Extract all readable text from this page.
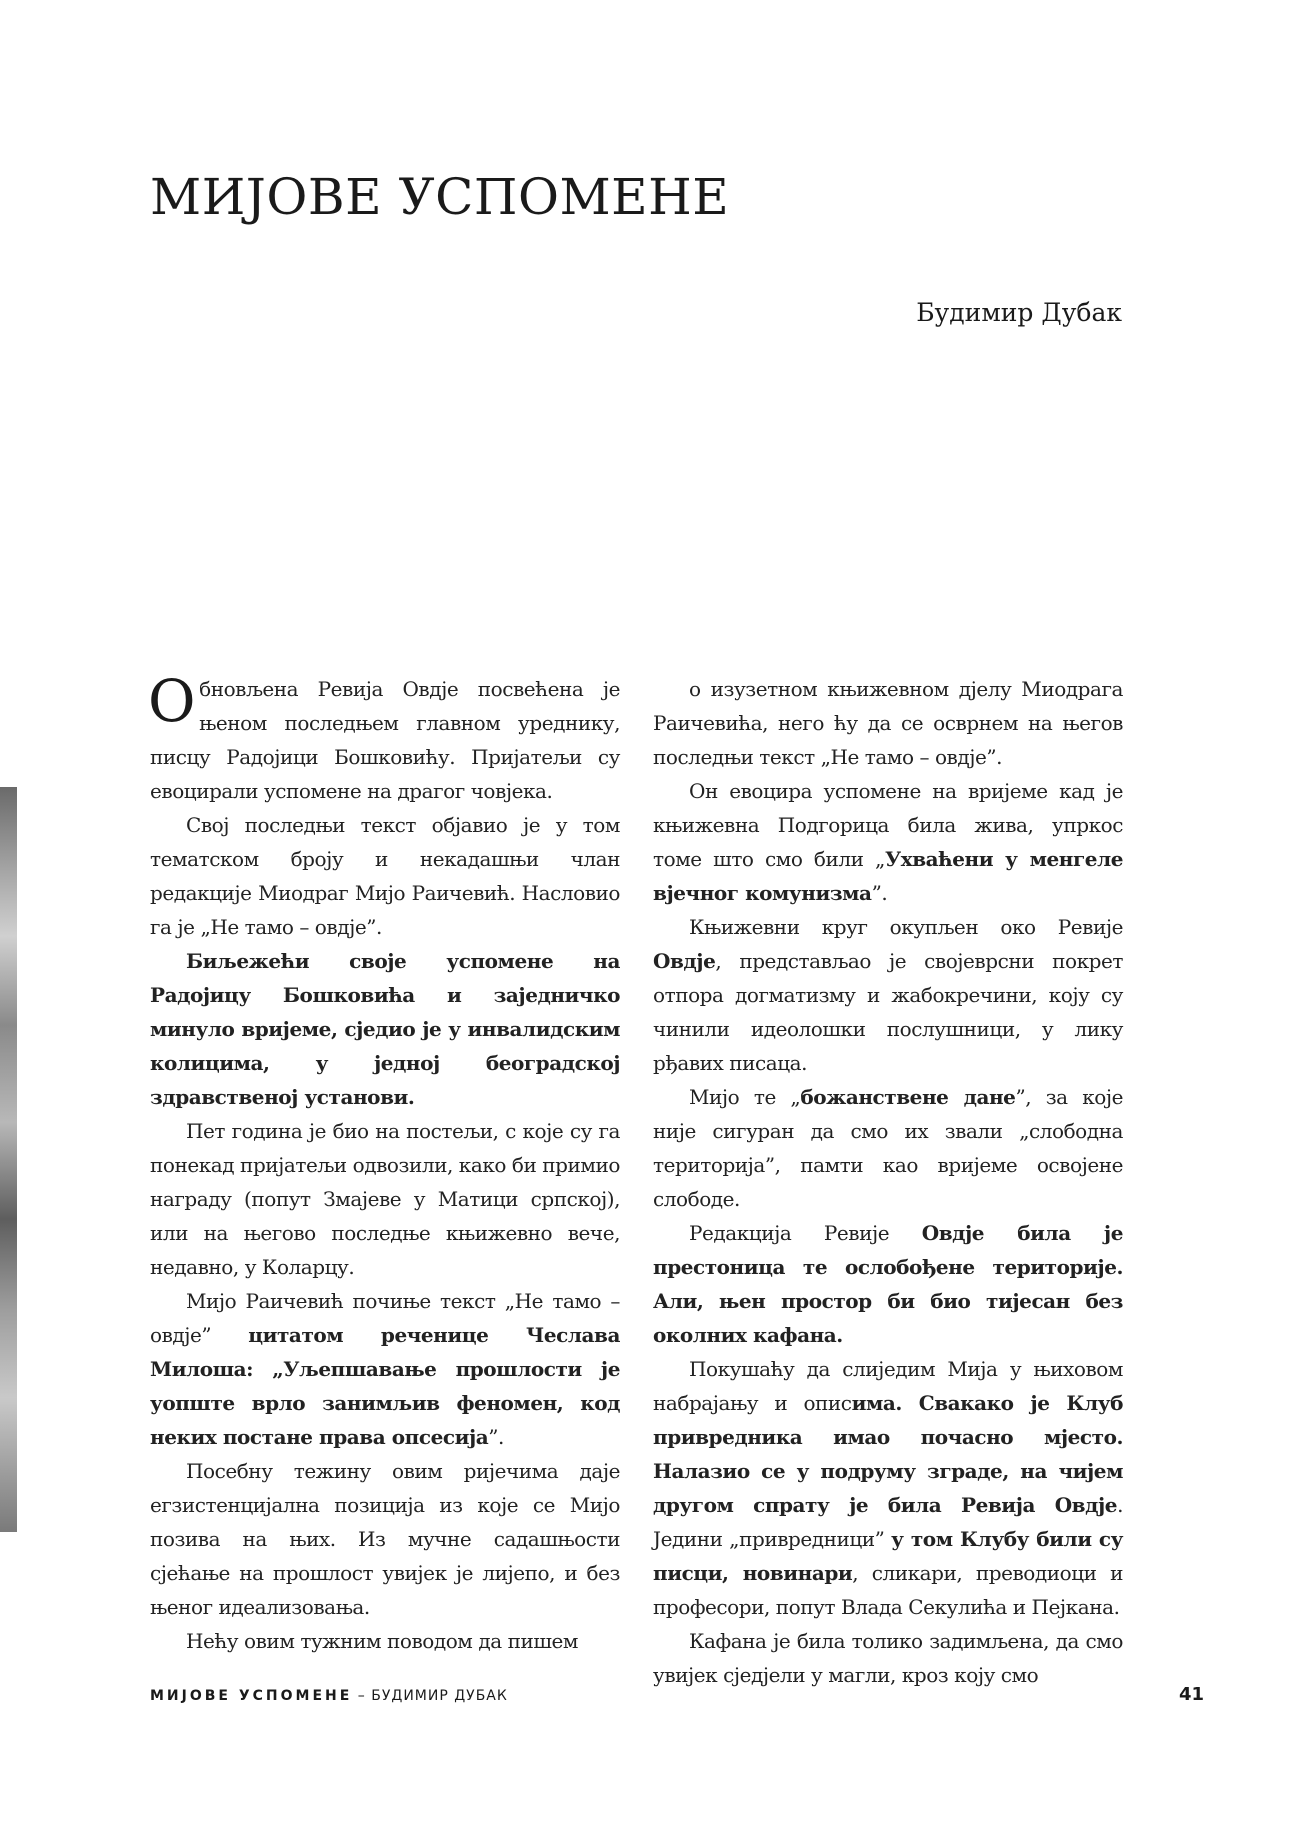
МИЈОВЕ УСПОМЕНЕ
Будимир Дубак

Обновљена Ревија Овдје посвећена је њеном последњем главном уреднику, писцу Радојици Бошковићу. Пријатељи су евоцирали успомене на драгог човјека.

Свој последњи текст објавио је у том тематском броју и некадашњи члан редакције Миодраг Мијо Раичевић. Насловио га је „Не тамо – овдје”.

Биљежећи своје успомене на Радојицу Бошковића и заједничко минуло вријеме, сједио је у инвалидским колицима, у једној београдској здравственој установи.

Пет година је био на постељи, с које су га понекад пријатељи одвозили, како би примио награду (попут Змајеве у Матици српској), или на његово последње књижевно вече, недавно, у Коларцу.

Мијо Раичевић почиње текст „Не тамо – овдје” цитатом реченице Чеслава Милоша: „Уљепшавање прошлости је уопште врло занимљив феномен, код неких постане права опсесија”.

Посебну тежину овим ријечима даје егзистенцијална позиција из које се Мијо позива на њих. Из мучне садашњости сјећање на прошлост увијек је лијепо, и без њеног идеализовања.

Нећу овим тужним поводом да пишем

о изузетном књижевном дјелу Миодрага Раичевића, него ћу да се осврнем на његов последњи текст „Не тамо – овдје”.

Он евоцира успомене на вријеме кад је књижевна Подгорица била жива, упркос томе што смо били „Ухваћени у менгеле вјечног комунизма”.

Књижевни круг окупљен око Ревије Овдје, представљао је својеврсни покрет отпора догматизму и жабокречини, коју су чинили идеолошки послушници, у лику рђавих писаца.

Мијо те „божанствене дане”, за које није сигуран да смо их звали „слободна територија”, памти као вријеме освојене слободе.

Редакција Ревије Овдје била је престоница те ослобођене територије. Али, њен простор би био тијесан без околних кафана.

Покушаћу да слиједим Мија у њиховом набрајању и описима. Свакако је Клуб привредника имао почасно мјесто. Налазио се у подруму зграде, на чијем другом спрату је била Ревија Овдје. Једини „привредници” у том Клубу били су писци, новинари, сликари, преводиоци и професори, попут Влада Секулића и Пејкана.

Кафана је била толико задимљена, да смо увијек сједјели у магли, кроз коју смо

МИЈОВЕ УСПОМЕНЕ – БУДИМИР ДУБАК	41
